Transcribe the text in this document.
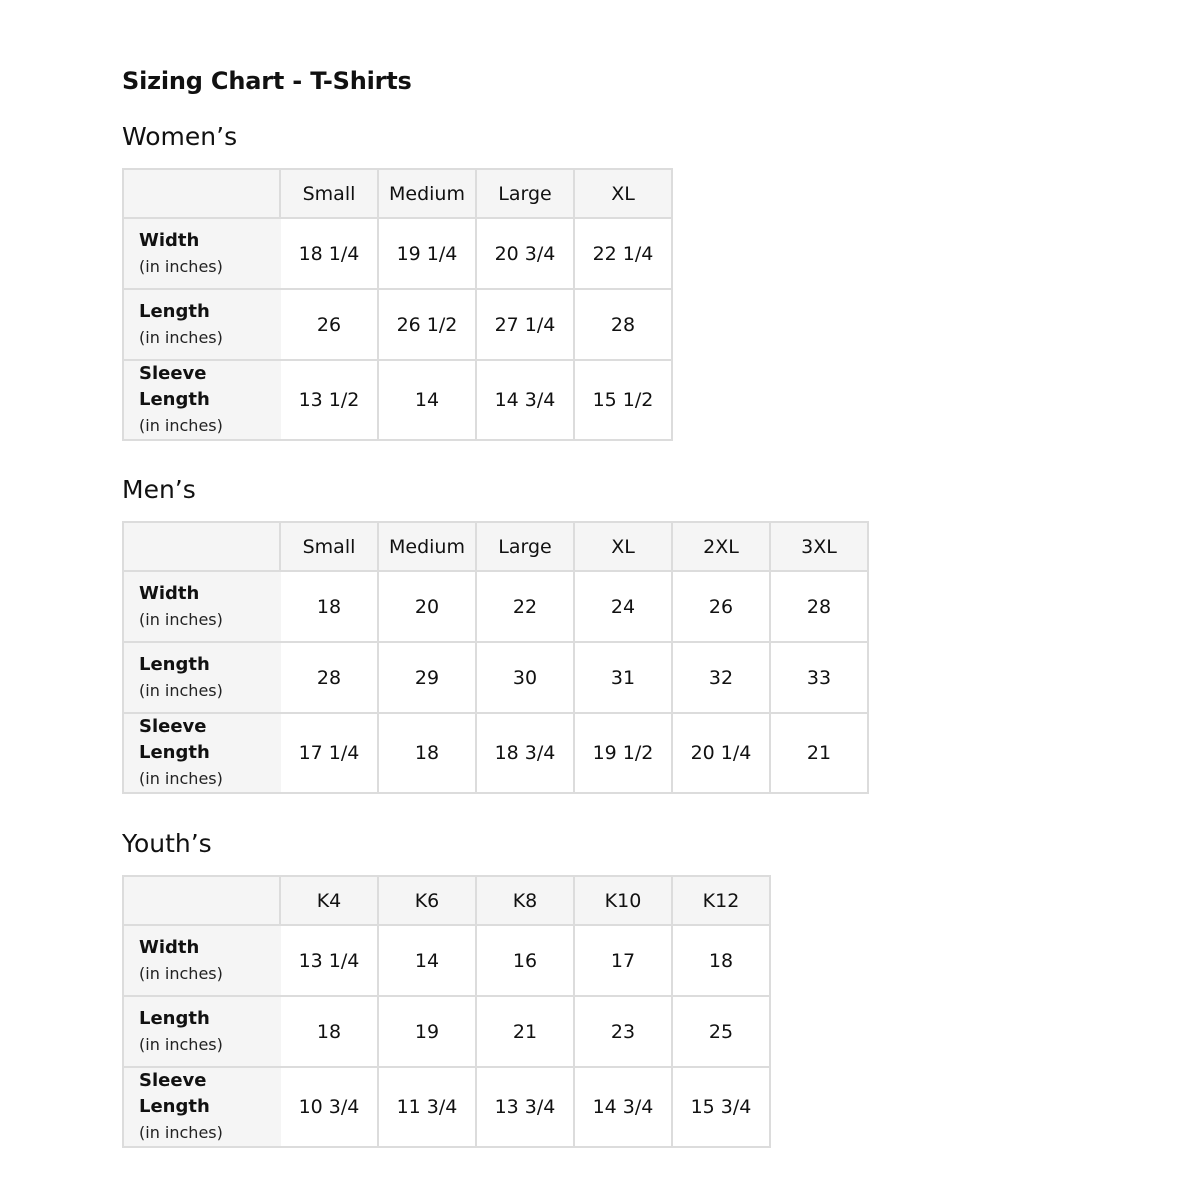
Sizing Chart - T-Shirts
Women’s
	Small	Medium	Large	XL

Width
(in inches)	18 1/4	19 1/4	20 3/4	22 1/4

Length
(in inches)	26	26 1/2	27 1/4	28

Sleeve Length
(in inches)	13 1/2	14	14 3/4	15 1/2
Men’s
	Small	Medium	Large	XL	2XL	3XL

Width
(in inches)	18	20	22	24	26	28

Length
(in inches)	28	29	30	31	32	33

Sleeve Length
(in inches)	17 1/4	18	18 3/4	19 1/2	20 1/4	21
Youth’s
	K4	K6	K8	K10	K12

Width
(in inches)	13 1/4	14	16	17	18

Length
(in inches)	18	19	21	23	25

Sleeve Length
(in inches)	10 3/4	11 3/4	13 3/4	14 3/4	15 3/4
